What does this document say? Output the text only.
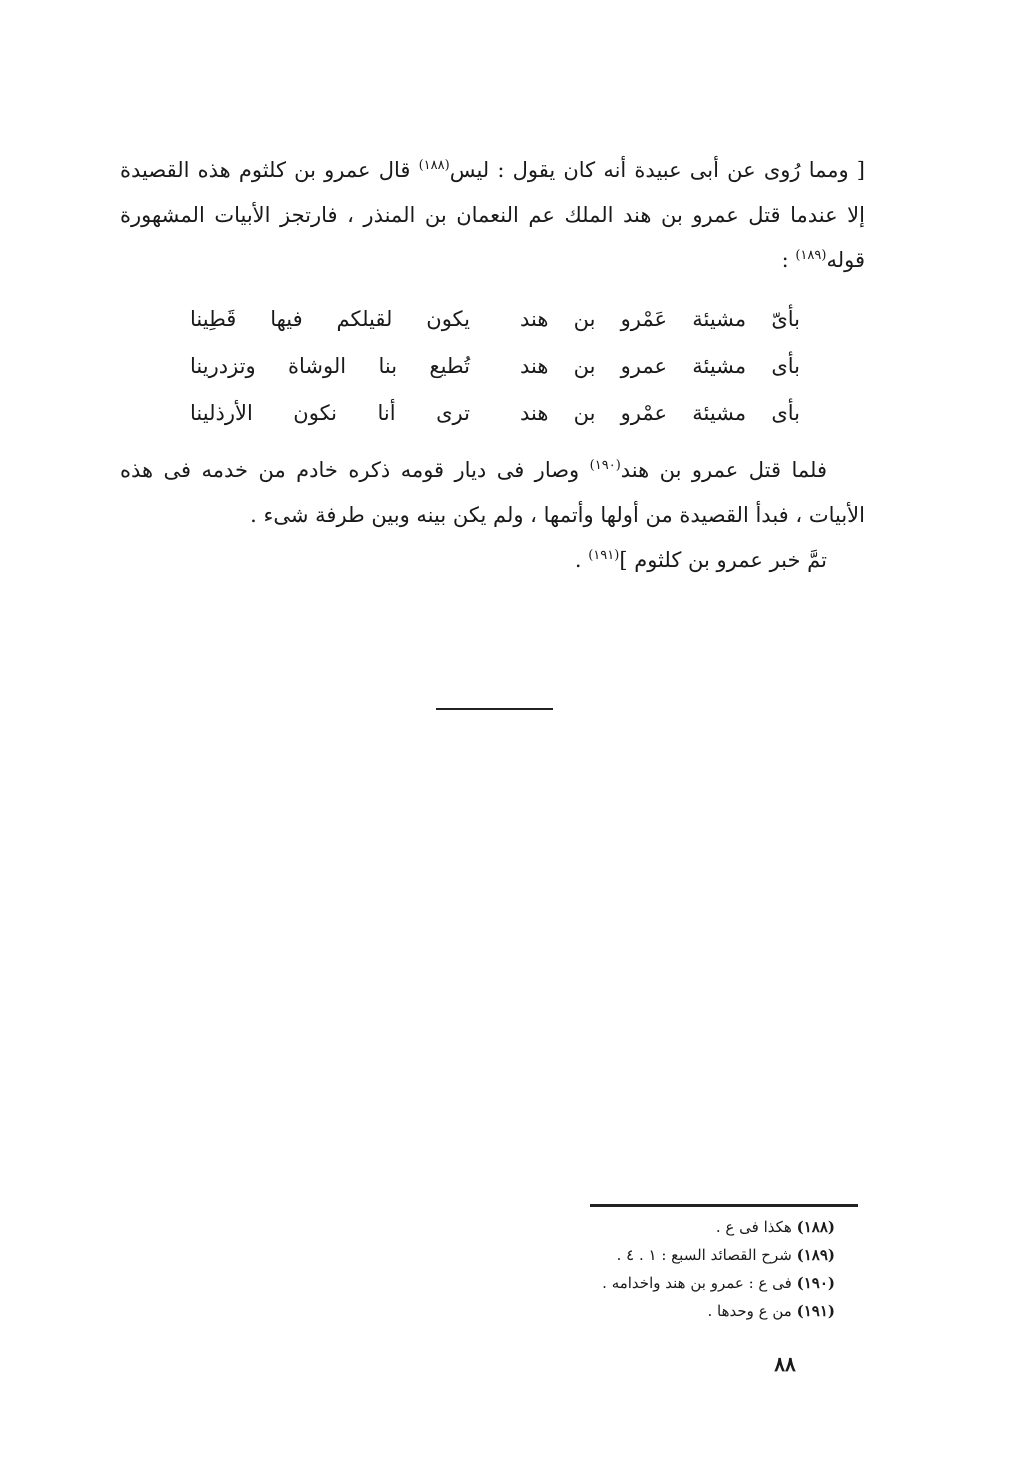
[ ومما رُوى عن أبى عبيدة أنه كان يقول : ليس$^{(١٨٨)}$ قال عمرو بن كلثوم هذه القصيدة إلا عندما قتل عمرو بن هند الملك عم النعمان بن المنذر ، فارتجز الأبيات المشهورة قوله$^{(١٨٩)}$ :

بأىّ
مشيئة
عَمْرو
بن
هند
يكون
لقيلكم
فيها
قَطِينا
بأى
مشيئة
عمرو
بن
هند
تُطيع
بنا
الوشاة
وتزدرينا
بأى
مشيئة
عمْرو
بن
هند
ترى
أنا
نكون
الأرذلينا

فلما قتل عمرو بن هند$^{(١٩٠)}$ وصار فى ديار قومه ذكره خادم من خدمه فى هذه الأبيات ، فبدأ القصيدة من أولها وأتمها ، ولم يكن بينه وبين طرفة شىء .

تمَّ خبر عمرو بن كلثوم ]$^{(١٩١)}$ .

(١٨٨) هكذا فى ع .
(١٨٩) شرح القصائد السبع : ١ . ٤ .
(١٩٠) فى ع : عمرو بن هند واخدامه .
(١٩١) من ع وحدها .
٨٨
